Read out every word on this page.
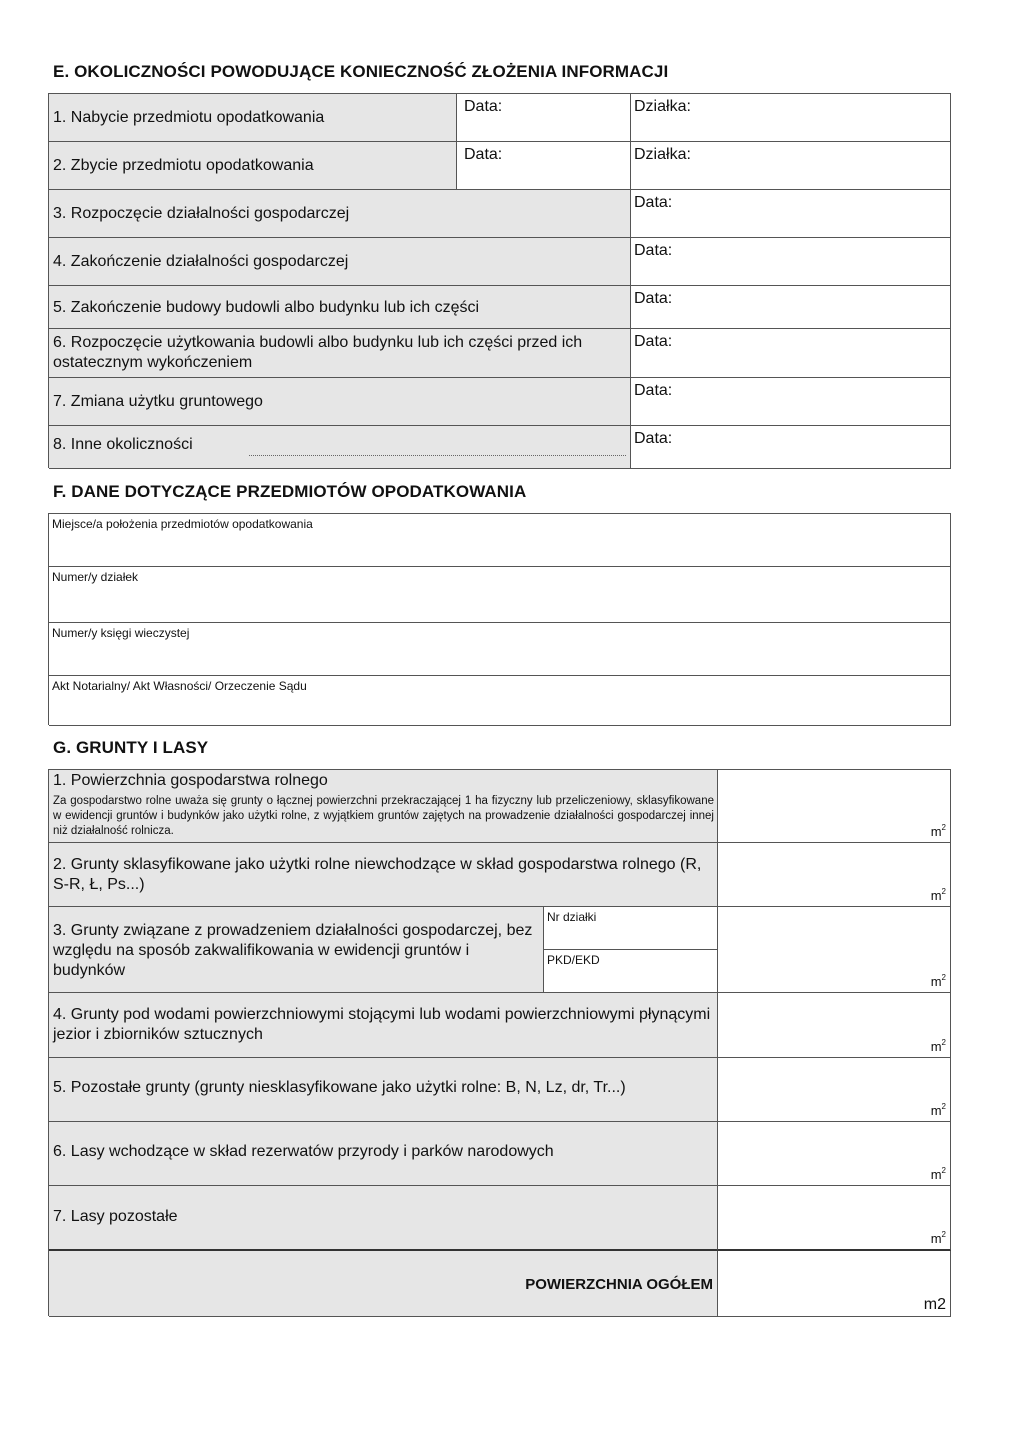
E. OKOLICZNOŚCI POWODUJĄCE KONIECZNOŚĆ ZŁOŻENIA INFORMACJI
1. Nabycie przedmiotu opodatkowania
Data:	Działka:
2. Zbycie przedmiotu opodatkowania
Data:	Działka:
3. Rozpoczęcie działalności gospodarczej
Data:
4. Zakończenie działalności gospodarczej
Data:
5. Zakończenie budowy budowli albo budynku lub ich części
Data:
6. Rozpoczęcie użytkowania budowli albo budynku lub ich części przed ich ostatecznym wykończeniem
Data:
7. Zmiana użytku gruntowego
Data:
8. Inne okoliczności	Data:
F. DANE DOTYCZĄCE PRZEDMIOTÓW OPODATKOWANIA
Miejsce/a położenia przedmiotów opodatkowania
Numer/y działek
Numer/y księgi wieczystej
Akt Notarialny/ Akt Własności/ Orzeczenie Sądu
G. GRUNTY I LASY
1. Powierzchnia gospodarstwa rolnego
Za gospodarstwo rolne uważa się grunty o łącznej powierzchni przekraczającej 1 ha fizyczny lub przeliczeniowy, sklasyfikowane w ewidencji gruntów i budynków jako użytki rolne, z wyjątkiem gruntów zajętych na prowadzenie działalności gospodarczej innej niż działalność rolnicza.	$m^2$
2. Grunty sklasyfikowane jako użytki rolne niewchodzące w skład gospodarstwa rolnego (R, S-R, Ł, Ps...)
$m^2$
3. Grunty związane z prowadzeniem działalności gospodarczej, bez względu na sposób zakwalifikowania w ewidencji gruntów i budynków
Nr działki
PKD/EKD
$m^2$
4. Grunty pod wodami powierzchniowymi stojącymi lub wodami powierzchniowymi płynącymi jezior i zbiorników sztucznych
$m^2$
5. Pozostałe grunty (grunty niesklasyfikowane jako użytki rolne: B, N, Lz, dr, Tr...)
$m^2$
6. Lasy wchodzące w skład rezerwatów przyrody i parków narodowych
$m^2$
7. Lasy pozostałe
$m^2$
POWIERZCHNIA OGÓŁEM
m2
